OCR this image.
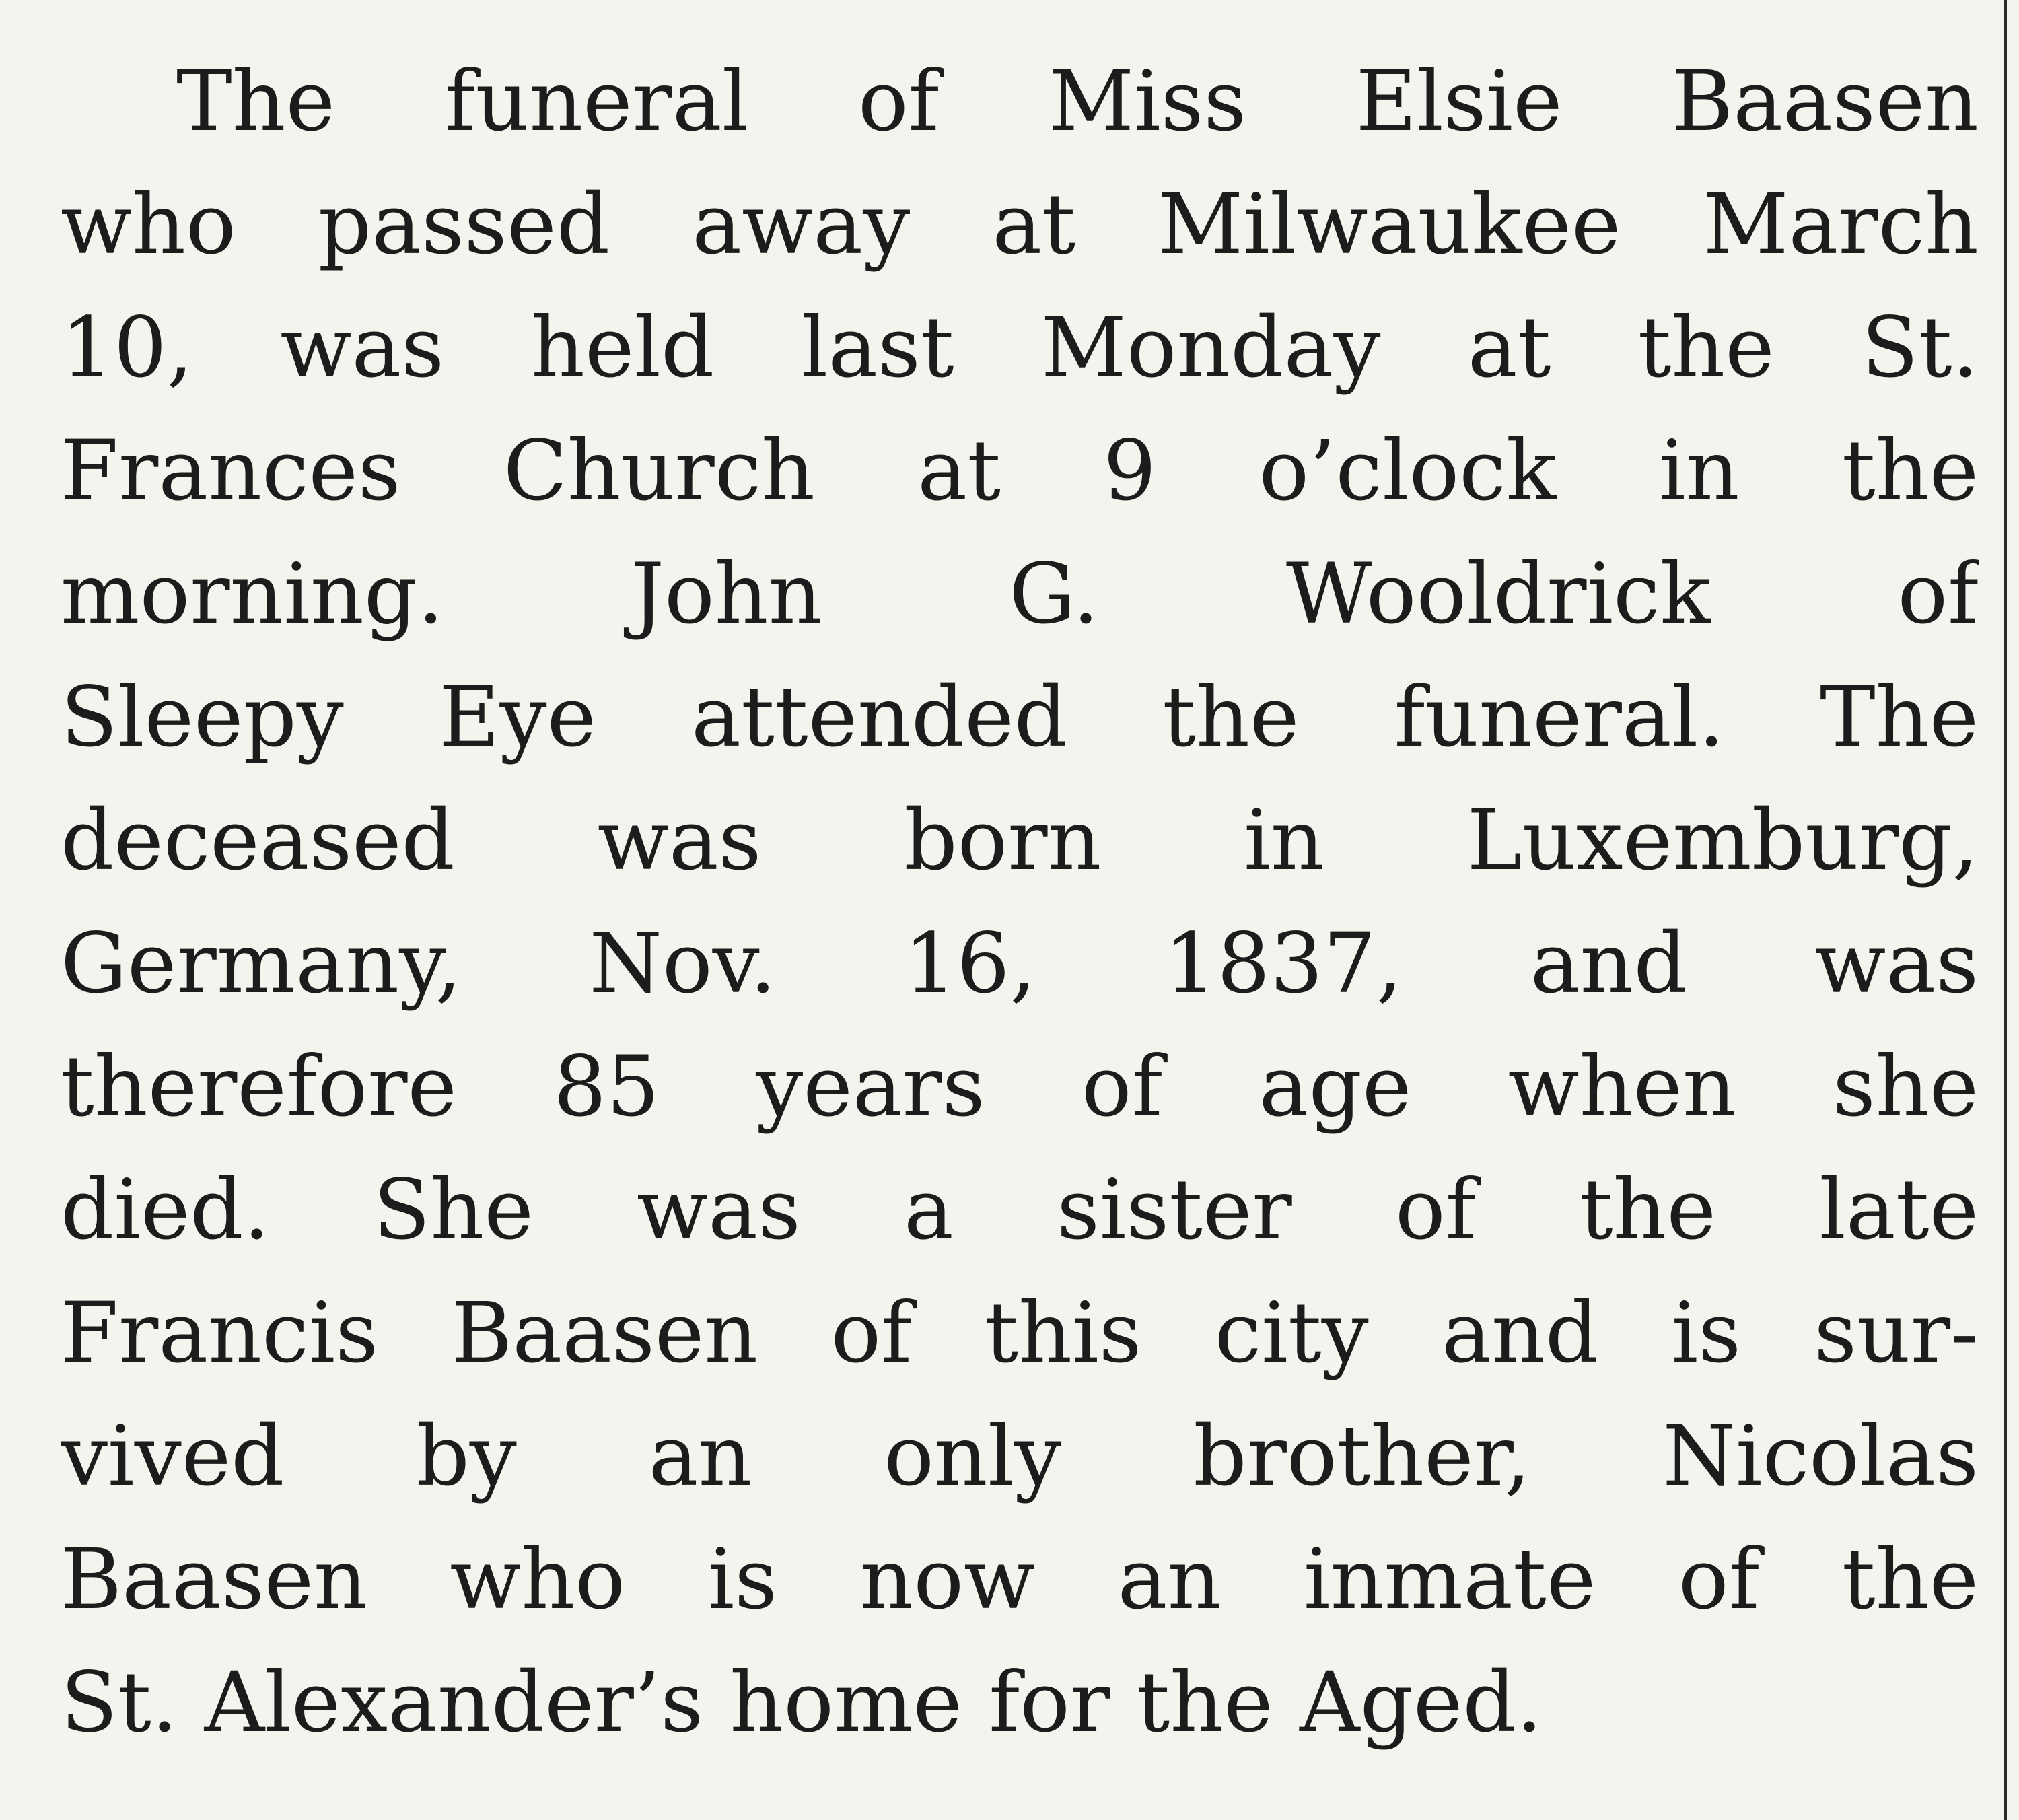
The funeral of Miss Elsie Baasen
who passed away at Milwaukee March
10, was held last Monday at the St.
Frances Church at 9 o’clock in the
morning. John G. Wooldrick of
Sleepy Eye attended the funeral. The
deceased was born in Luxemburg,
Germany, Nov. 16, 1837, and was
therefore 85 years of age when she
died. She was a sister of the late
Francis Baasen of this city and is sur-
vived by an only brother, Nicolas
Baasen who is now an inmate of the
St. Alexander’s home for the Aged.
